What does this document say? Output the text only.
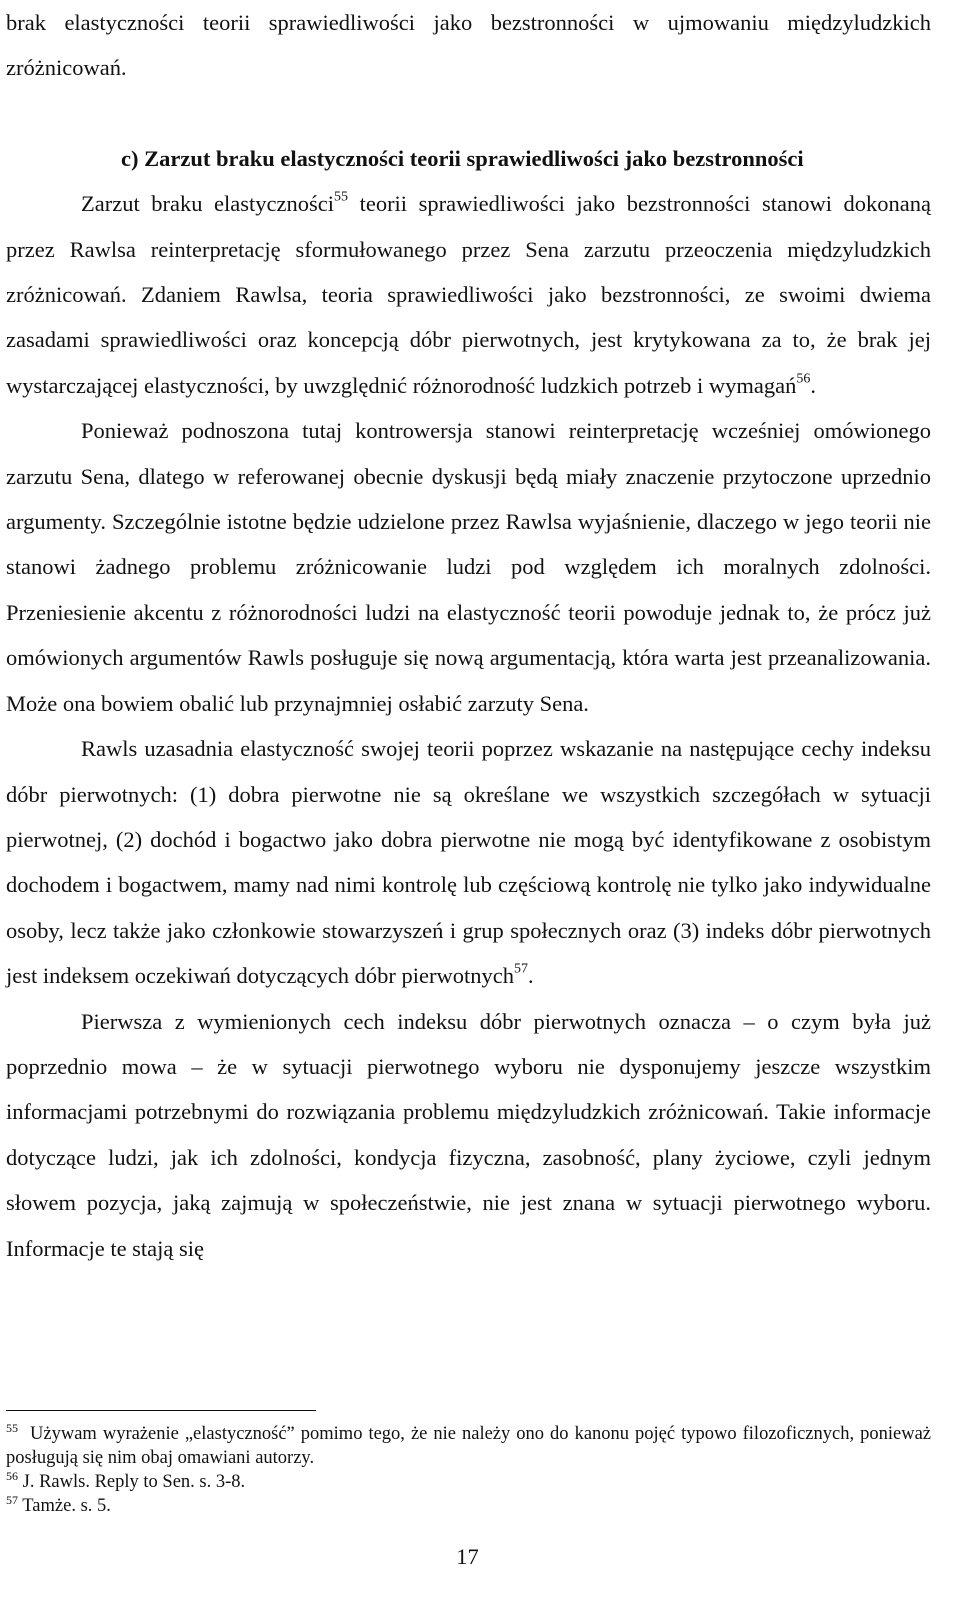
brak elastyczności teorii sprawiedliwości jako bezstronności w ujmowaniu międzyludzkich zróżnicowań.

c) Zarzut braku elastyczności teorii sprawiedliwości jako bezstronności

Zarzut braku elastyczności$^{55}$ teorii sprawiedliwości jako bezstronności stanowi dokonaną przez Rawlsa reinterpretację sformułowanego przez Sena zarzutu przeoczenia międzyludzkich zróżnicowań. Zdaniem Rawlsa, teoria sprawiedliwości jako bezstronności, ze swoimi dwiema zasadami sprawiedliwości oraz koncepcją dóbr pierwotnych, jest krytykowana za to, że brak jej wystarczającej elastyczności, by uwzględnić różnorodność ludzkich potrzeb i wymagań$^{56}$.

Ponieważ podnoszona tutaj kontrowersja stanowi reinterpretację wcześniej omówionego zarzutu Sena, dlatego w referowanej obecnie dyskusji będą miały znaczenie przytoczone uprzednio argumenty. Szczególnie istotne będzie udzielone przez Rawlsa wyjaśnienie, dlaczego w jego teorii nie stanowi żadnego problemu zróżnicowanie ludzi pod względem ich moralnych zdolności. Przeniesienie akcentu z różnorodności ludzi na elastyczność teorii powoduje jednak to, że prócz już omówionych argumentów Rawls posługuje się nową argumentacją, która warta jest przeanalizowania. Może ona bowiem obalić lub przynajmniej osłabić zarzuty Sena.

Rawls uzasadnia elastyczność swojej teorii poprzez wskazanie na następujące cechy indeksu dóbr pierwotnych: (1) dobra pierwotne nie są określane we wszystkich szczegółach w sytuacji pierwotnej, (2) dochód i bogactwo jako dobra pierwotne nie mogą być identyfikowane z osobistym dochodem i bogactwem, mamy nad nimi kontrolę lub częściową kontrolę nie tylko jako indywidualne osoby, lecz także jako członkowie stowarzyszeń i grup społecznych oraz (3) indeks dóbr pierwotnych jest indeksem oczekiwań dotyczących dóbr pierwotnych$^{57}$.

Pierwsza z wymienionych cech indeksu dóbr pierwotnych oznacza – o czym była już poprzednio mowa – że w sytuacji pierwotnego wyboru nie dysponujemy jeszcze wszystkim informacjami potrzebnymi do rozwiązania problemu międzyludzkich zróżnicowań. Takie informacje dotyczące ludzi, jak ich zdolności, kondycja fizyczna, zasobność, plany życiowe, czyli jednym słowem pozycja, jaką zajmują w społeczeństwie, nie jest znana w sytuacji pierwotnego wyboru. Informacje te stają się

$^{55}$ Używam wyrażenie „elastyczność” pomimo tego, że nie należy ono do kanonu pojęć typowo filozoficznych, ponieważ posługują się nim obaj omawiani autorzy.

$^{56}$ J. Rawls. Reply to Sen. s. 3-8.

$^{57}$ Tamże. s. 5.

17
